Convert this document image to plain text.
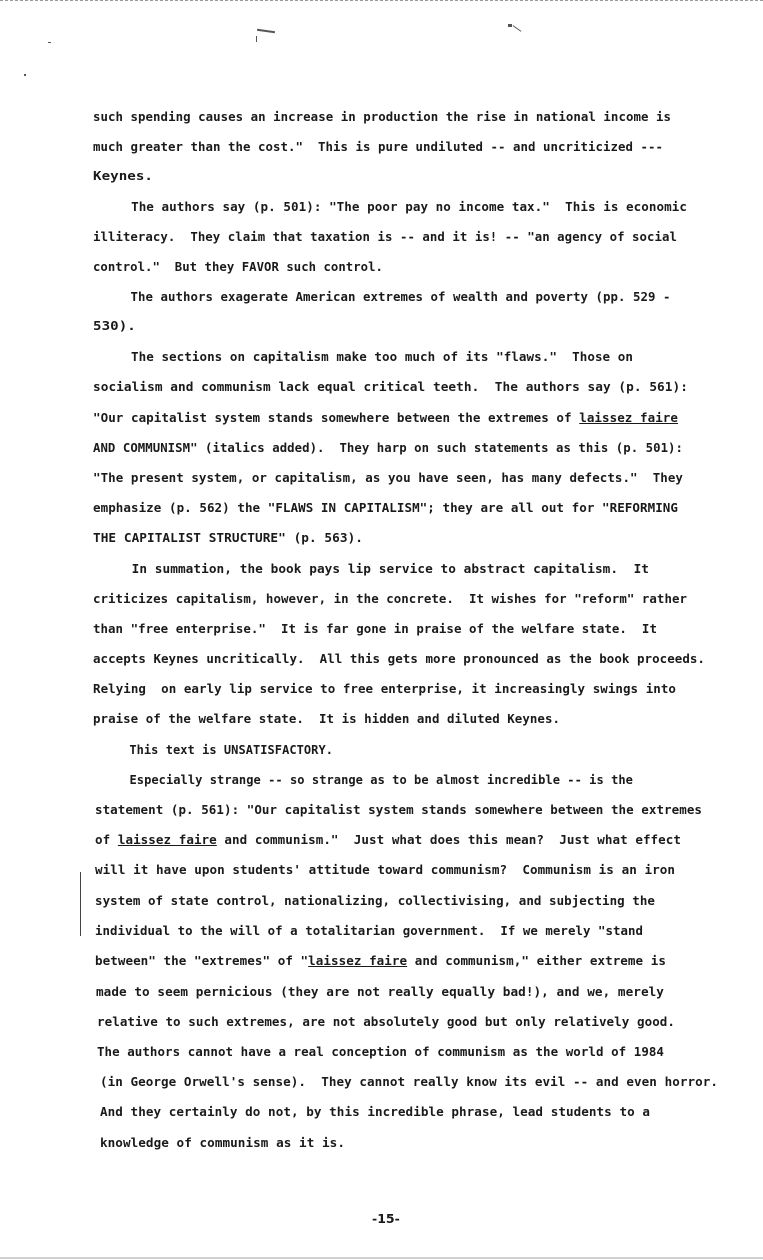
such spending causes an increase in production the rise in national income is
much greater than the cost."  This is pure undiluted -- and uncriticized ---
Keynes.
The authors say (p. 501): "The poor pay no income tax."  This is economic
illiteracy.  They claim that taxation is -- and it is! -- "an agency of social
control."  But they FAVOR such control.
The authors exagerate American extremes of wealth and poverty (pp. 529 -
530).
The sections on capitalism make too much of its "flaws."  Those on
socialism and communism lack equal critical teeth.  The authors say (p. 561):
"Our capitalist system stands somewhere between the extremes of laissez faire
AND COMMUNISM" (italics added).  They harp on such statements as this (p. 501):
"The present system, or capitalism, as you have seen, has many defects."  They
emphasize (p. 562) the "FLAWS IN CAPITALISM"; they are all out for "REFORMING
THE CAPITALIST STRUCTURE" (p. 563).
In summation, the book pays lip service to abstract capitalism.  It
criticizes capitalism, however, in the concrete.  It wishes for "reform" rather
than "free enterprise."  It is far gone in praise of the welfare state.  It
accepts Keynes uncritically.  All this gets more pronounced as the book proceeds.
Relying  on early lip service to free enterprise, it increasingly swings into
praise of the welfare state.  It is hidden and diluted Keynes.
This text is UNSATISFACTORY.
Especially strange -- so strange as to be almost incredible -- is the
statement (p. 561): "Our capitalist system stands somewhere between the extremes
of laissez faire and communism."  Just what does this mean?  Just what effect
will it have upon students' attitude toward communism?  Communism is an iron
system of state control, nationalizing, collectivising, and subjecting the
individual to the will of a totalitarian government.  If we merely "stand
between" the "extremes" of "laissez faire and communism," either extreme is
made to seem pernicious (they are not really equally bad!), and we, merely
relative to such extremes, are not absolutely good but only relatively good.
The authors cannot have a real conception of communism as the world of 1984
(in George Orwell's sense).  They cannot really know its evil -- and even horror.
And they certainly do not, by this incredible phrase, lead students to a
knowledge of communism as it is.
-15-
